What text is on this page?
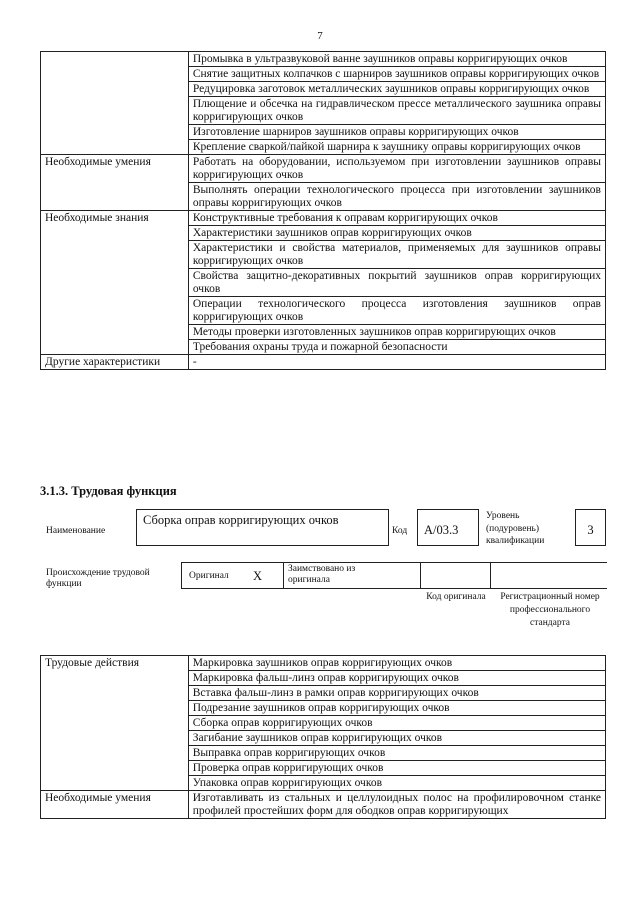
7
	Промывка в ультразвуковой ванне заушников оправы корригирующих очков
	Снятие защитных колпачков с шарниров заушников оправы корригирующих очков
	Редуцировка заготовок металлических заушников оправы корригирующих очков
	Плющение и обсечка на гидравлическом прессе металлического заушника оправы корригирующих очков
	Изготовление шарниров заушников оправы корригирующих очков
	Крепление сваркой/пайкой шарнира к заушнику оправы корригирующих очков
Необходимые умения	Работать на оборудовании, используемом при изготовлении заушников оправы корригирующих очков
	Выполнять операции технологического процесса при изготовлении заушников оправы корригирующих очков
Необходимые знания	Конструктивные требования к оправам корригирующих очков
	Характеристики заушников оправ корригирующих очков
	Характеристики и свойства материалов, применяемых для заушников оправы корригирующих очков
	Свойства защитно-декоративных покрытий заушников оправ корригирующих очков
	Операции технологического процесса изготовления заушников оправ корригирующих очков
	Методы проверки изготовленных заушников оправ корригирующих очков
	Требования охраны труда и пожарной безопасности
Другие характеристики	-
3.1.3. Трудовая функция
Наименование
Сборка оправ корригирующих очков
Код А/03.3
Уровень (подуровень) квалификации
3
Происхождение трудовой функции
Оригинал X	Заимствовано из оригинала
Код оригинала	Регистрационный номер профессионального стандарта
Трудовые действия	Маркировка заушников оправ корригирующих очков
	Маркировка фальш-линз оправ корригирующих очков
	Вставка фальш-линз в рамки оправ корригирующих очков
	Подрезание заушников оправ корригирующих очков
	Сборка оправ корригирующих очков
	Загибание заушников оправ корригирующих очков
	Выправка оправ корригирующих очков
	Проверка оправ корригирующих очков
	Упаковка оправ корригирующих очков
Необходимые умения	Изготавливать из стальных и целлулоидных полос на профилировочном станке профилей простейших форм для ободков оправ корригирующих
